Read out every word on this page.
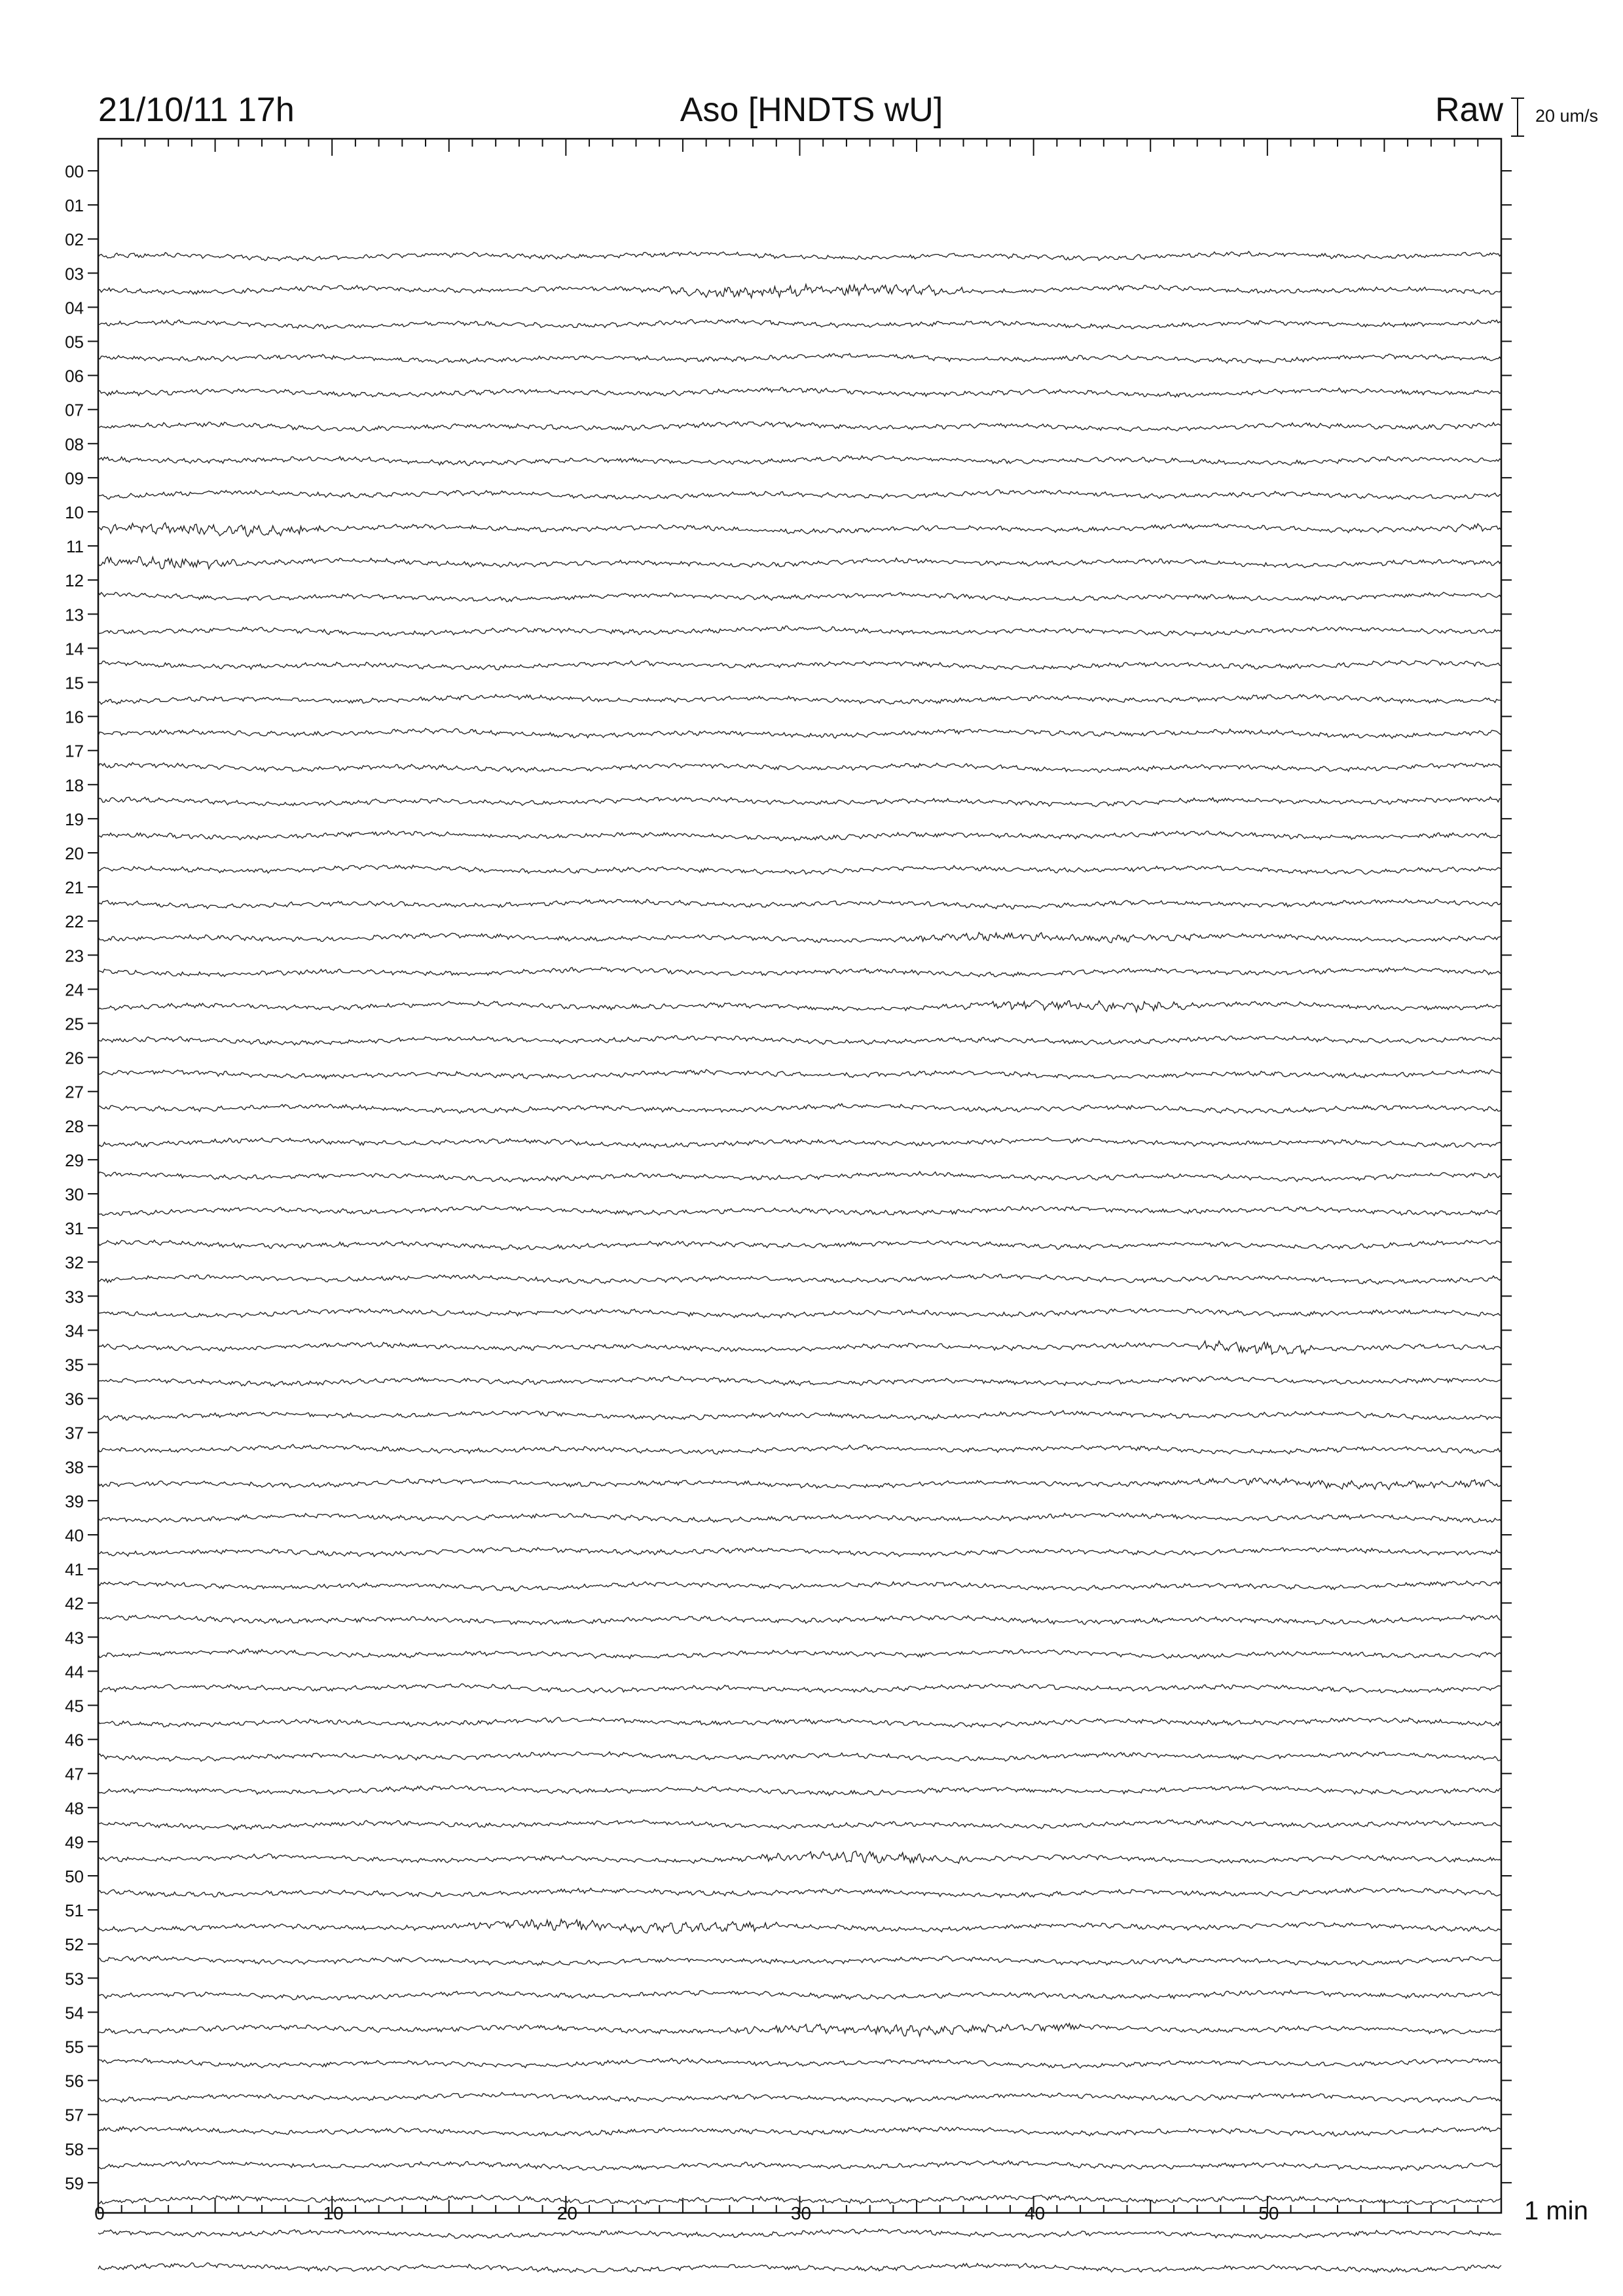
21/10/11 17h	Aso [HNDTS wU]	Raw 20 um/s
1 min
00
01
02
03
04
05
06
07
08
09
10
11
12
13
14
15
16
17
18
19
20
21
22
23
24
25
26
27
28
29
30
31
32
33
34
35
36
37
38
39
40
41
42
43
44
45
46
47
48
49
50
51
52
53
54
55
56
57
58
59
0	10	20	30	40	50
